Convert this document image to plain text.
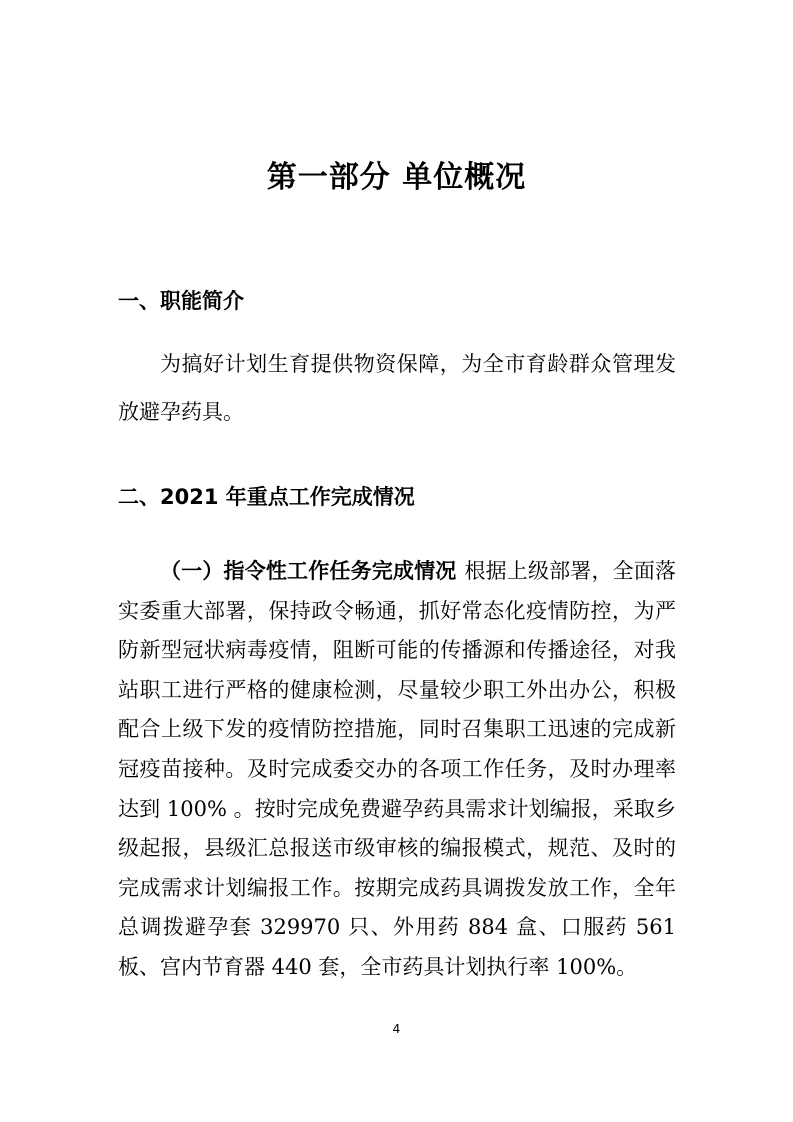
第一部分 单位概况
一、职能简介
为搞好计划生育提供物资保障，为全市育龄群众管理发放避孕药具。
二、2021 年重点工作完成情况
（一）指令性工作任务完成情况 根据上级部署，全面落实委重大部署，保持政令畅通，抓好常态化疫情防控，为严防新型冠状病毒疫情，阻断可能的传播源和传播途径，对我站职工进行严格的健康检测，尽量较少职工外出办公，积极配合上级下发的疫情防控措施，同时召集职工迅速的完成新冠疫苗接种。及时完成委交办的各项工作任务，及时办理率达到 100% 。按时完成免费避孕药具需求计划编报，采取乡级起报，县级汇总报送市级审核的编报模式，规范、及时的完成需求计划编报工作。按期完成药具调拨发放工作，全年总调拨避孕套 329970 只、外用药 884 盒、口服药 561 板、宫内节育器 440 套，全市药具计划执行率 100%。
4
